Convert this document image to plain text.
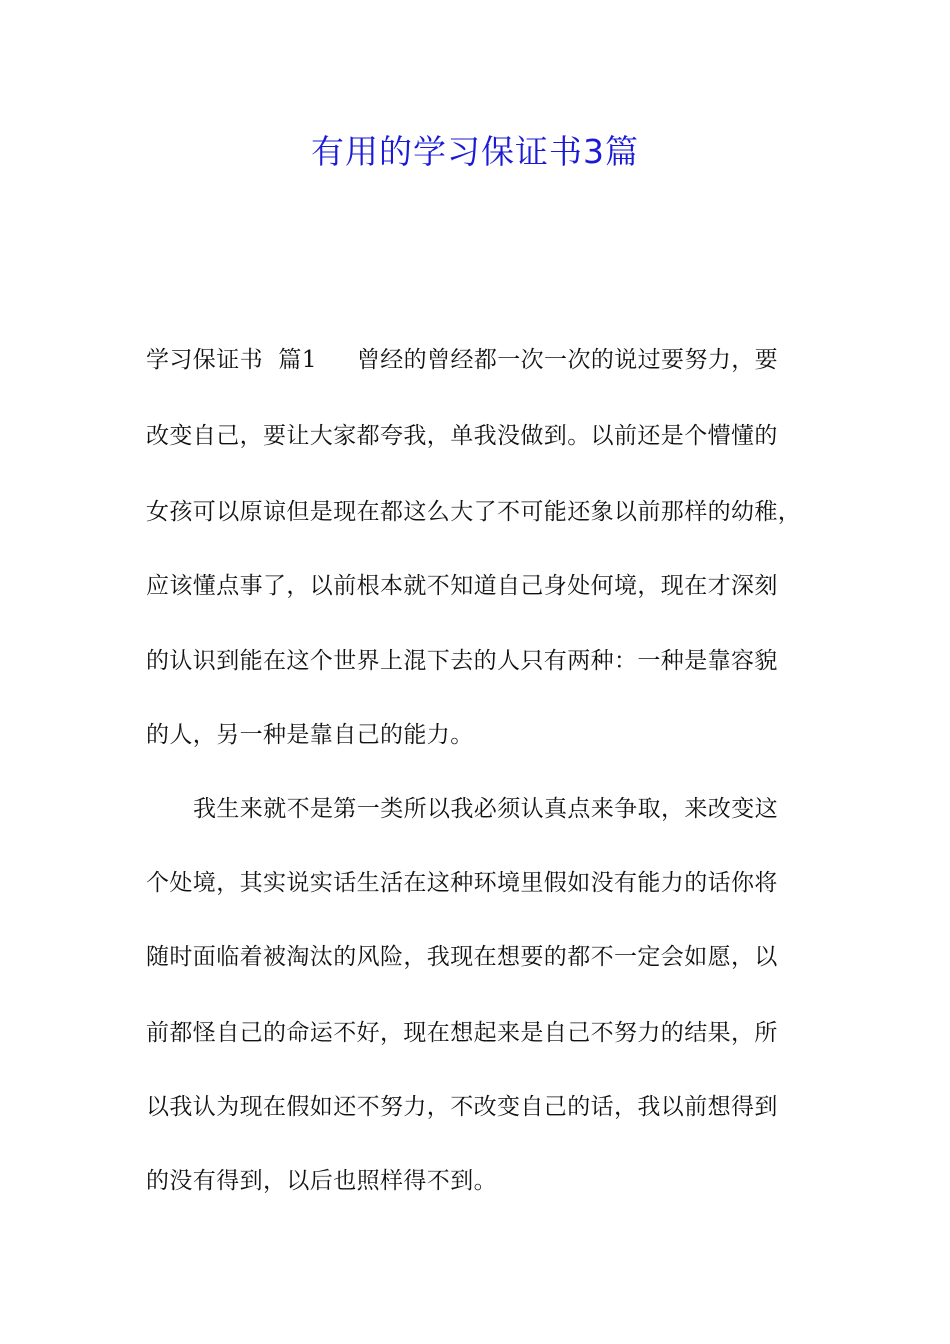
有用的学习保证书3篇
学习保证书  篇1 曾经的曾经都一次一次的说过要努力，要
改变自己，要让大家都夸我，单我没做到。以前还是个懵懂的
女孩可以原谅但是现在都这么大了不可能还象以前那样的幼稚，
应该懂点事了，以前根本就不知道自己身处何境，现在才深刻
的认识到能在这个世界上混下去的人只有两种：一种是靠容貌
的人，另一种是靠自己的能力。
我生来就不是第一类所以我必须认真点来争取，来改变这
个处境，其实说实话生活在这种环境里假如没有能力的话你将
随时面临着被淘汰的风险，我现在想要的都不一定会如愿，以
前都怪自己的命运不好，现在想起来是自己不努力的结果，所
以我认为现在假如还不努力，不改变自己的话，我以前想得到
的没有得到，以后也照样得不到。
